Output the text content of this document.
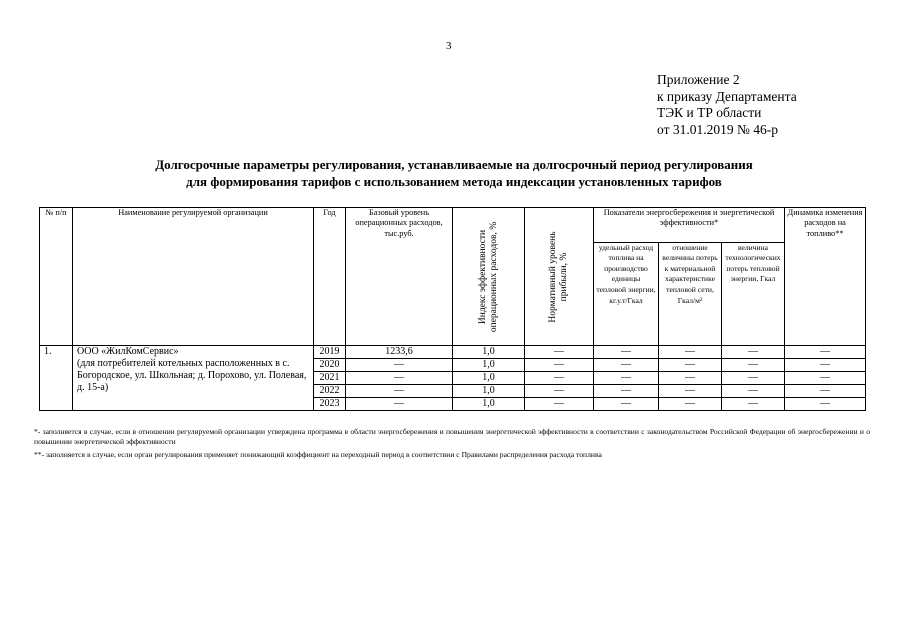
3
Приложение 2
к приказу Департамента
ТЭК и ТР области
от 31.01.2019 № 46-р
Долгосрочные параметры регулирования, устанавливаемые на долгосрочный период регулирования
для формирования тарифов с использованием метода индексации установленных тарифов
№ п/п	Наименование регулируемой организации	Год	Базовый уровень операционных расходов, тыс.руб.	Индекс эффективности операционных расходов, %	Нормативный уровень прибыли, %	Показатели энергосбережения и энергетической эффективности*			Динамика изменения расходов на топливо**
						удельный расход топлива на производство единицы тепловой энергии, кг.у.т/Гкал	отношение величины потерь к материальной характеристике тепловой сети, Гкал/м²	величина технологических потерь тепловой энергии, Гкал	
1.	ООО «ЖилКомСервис»
(для потребителей котельных расположенных в с. Богородское, ул. Школьная; д. Порохово, ул. Полевая, д. 15-а)	2019	1233,6	1,0	—	—	—	—	—
		2020	—	1,0	—	—	—	—	—
		2021	—	1,0	—	—	—	—	—
		2022	—	1,0	—	—	—	—	—
		2023	—	1,0	—	—	—	—	—
*- заполняется в случае, если в отношении регулируемой организации утверждена программа в области энергосбережения и повышения энергетической эффективности в соответствии с законодательством Российской Федерации об энергосбережении и о повышении энергетической эффективности
**- заполняется в случае, если орган регулирования применяет понижающий коэффициент на переходный период в соответствии с Правилами распределения расхода топлива
